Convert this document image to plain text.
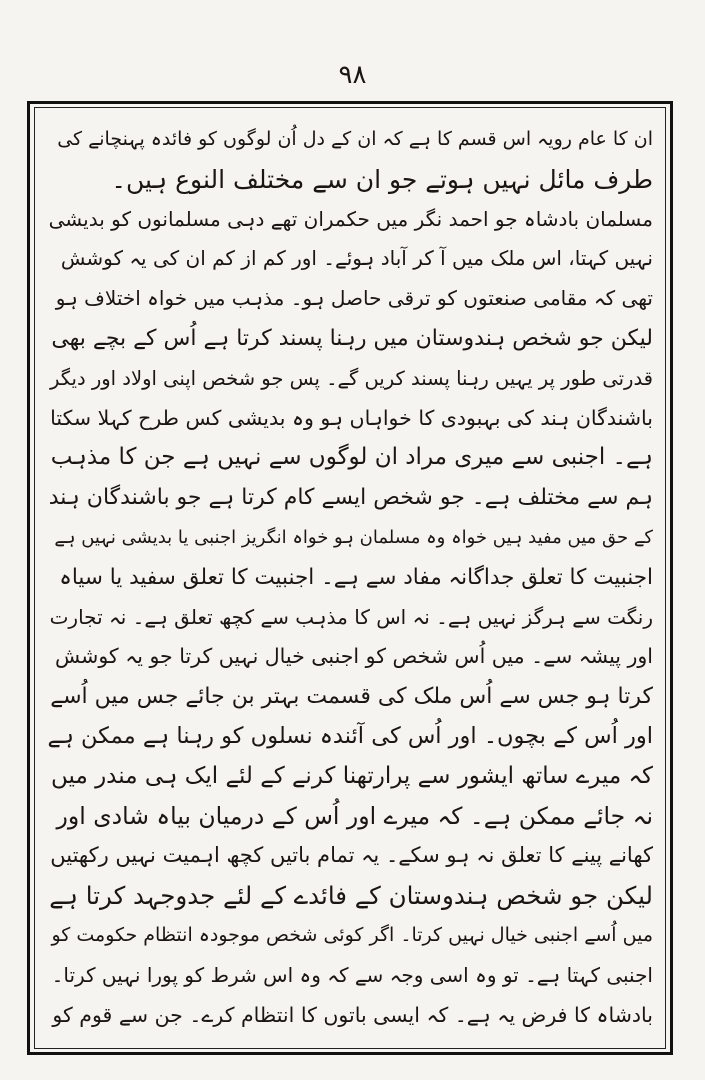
۹۸
ان کا عام رویہ اس قسم کا ہے کہ ان کے دل اُن لوگوں کو فائدہ پہنچانے کی
طرف مائل نہیں ہوتے جو ان سے مختلف النوع ہیں۔
مسلمان بادشاہ جو احمد نگر میں حکمران تھے دہی مسلمانوں کو بدیشی
نہیں کہتا، اس ملک میں آ کر آباد ہوئے۔ اور کم از کم ان کی یہ کوشش
تھی کہ مقامی صنعتوں کو ترقی حاصل ہو۔ مذہب میں خواہ اختلاف ہو
لیکن جو شخص ہندوستان میں رہنا پسند کرتا ہے اُس کے بچے بھی
قدرتی طور پر یہیں رہنا پسند کریں گے۔ پس جو شخص اپنی اولاد اور دیگر
باشندگان ہند کی بہبودی کا خواہاں ہو وہ بدیشی کس طرح کہلا سکتا
ہے۔ اجنبی سے میری مراد ان لوگوں سے نہیں ہے جن کا مذہب
ہم سے مختلف ہے۔ جو شخص ایسے کام کرتا ہے جو باشندگان ہند
کے حق میں مفید ہیں خواہ وہ مسلمان ہو خواہ انگریز اجنبی یا بدیشی نہیں ہے
اجنبیت کا تعلق جداگانہ مفاد سے ہے۔ اجنبیت کا تعلق سفید یا سیاہ
رنگت سے ہرگز نہیں ہے۔ نہ اس کا مذہب سے کچھ تعلق ہے۔ نہ تجارت
اور پیشہ سے۔ میں اُس شخص کو اجنبی خیال نہیں کرتا جو یہ کوشش
کرتا ہو جس سے اُس ملک کی قسمت بہتر بن جائے جس میں اُسے
اور اُس کے بچوں۔ اور اُس کی آئندہ نسلوں کو رہنا ہے ممکن ہے
کہ میرے ساتھ ایشور سے پرارتھنا کرنے کے لئے ایک ہی مندر میں
نہ جائے ممکن ہے۔ کہ میرے اور اُس کے درمیان بیاہ شادی اور
کھانے پینے کا تعلق نہ ہو سکے۔ یہ تمام باتیں کچھ اہمیت نہیں رکھتیں
لیکن جو شخص ہندوستان کے فائدے کے لئے جدوجہد کرتا ہے
میں اُسے اجنبی خیال نہیں کرتا۔ اگر کوئی شخص موجودہ انتظام حکومت کو
اجنبی کہتا ہے۔ تو وہ اسی وجہ سے کہ وہ اس شرط کو پورا نہیں کرتا۔
بادشاہ کا فرض یہ ہے۔ کہ ایسی باتوں کا انتظام کرے۔ جن سے قوم کو
